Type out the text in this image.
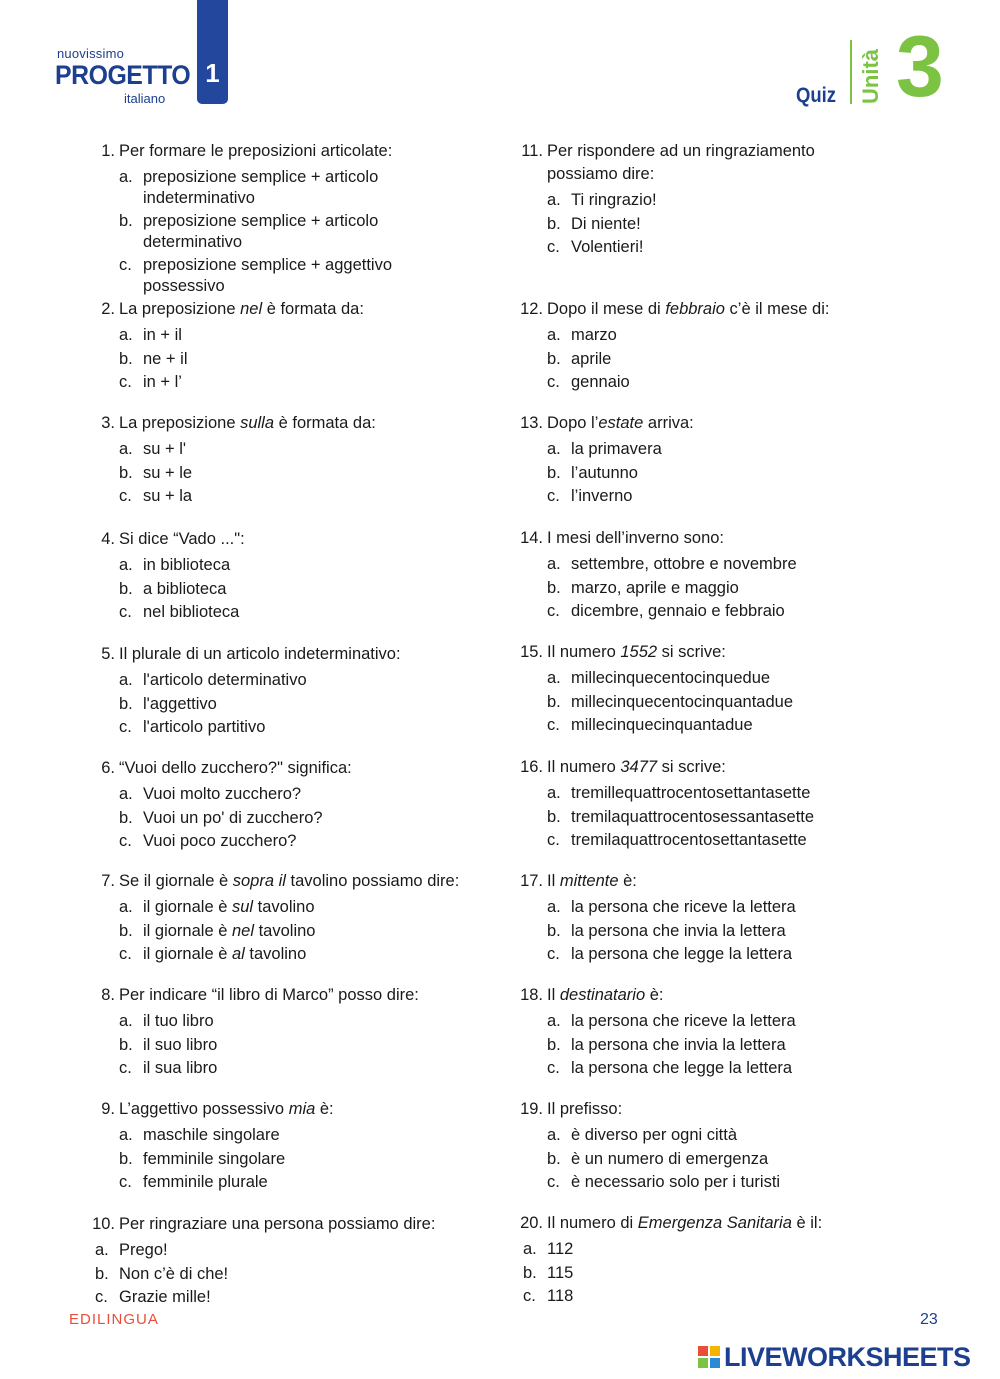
nuovissimo
PROGETTO
italiano
1
Quiz Unità 3
1. Per formare le preposizioni articolate:
a. preposizione semplice + articolo indeterminativo
b. preposizione semplice + articolo determinativo
c. preposizione semplice + aggettivo possessivo
2. La preposizione nel è formata da:
a. in + il
b. ne + il
c. in + l’
3. La preposizione sulla è formata da:
a. su + l'
b. su + le
c. su + la
4. Si dice “Vado ...":
a. in biblioteca
b. a biblioteca
c. nel biblioteca
5. Il plurale di un articolo indeterminativo:
a. l'articolo determinativo
b. l'aggettivo
c. l'articolo partitivo
6. “Vuoi dello zucchero?" significa:
a. Vuoi molto zucchero?
b. Vuoi un po' di zucchero?
c. Vuoi poco zucchero?
7. Se il giornale è sopra il tavolino possiamo dire:
a. il giornale è sul tavolino
b. il giornale è nel tavolino
c. il giornale è al tavolino
8. Per indicare “il libro di Marco” posso dire:
a. il tuo libro
b. il suo libro
c. il sua libro
9. L’aggettivo possessivo mia è:
a. maschile singolare
b. femminile singolare
c. femminile plurale
10. Per ringraziare una persona possiamo dire:
a. Prego!
b. Non c’è di che!
c. Grazie mille!
11. Per rispondere ad un ringraziamento possiamo dire:
a. Ti ringrazio!
b. Di niente!
c. Volentieri!
12. Dopo il mese di febbraio c’è il mese di:
a. marzo
b. aprile
c. gennaio
13. Dopo l’estate arriva:
a. la primavera
b. l’autunno
c. l’inverno
14. I mesi dell’inverno sono:
a. settembre, ottobre e novembre
b. marzo, aprile e maggio
c. dicembre, gennaio e febbraio
15. Il numero 1552 si scrive:
a. millecinquecentocinquedue
b. millecinquecentocinquantadue
c. millecinquecinquantadue
16. Il numero 3477 si scrive:
a. tremillequattrocentosettantasette
b. tremilaquattrocentosessantasette
c. tremilaquattrocentosettantasette
17. Il mittente è:
a. la persona che riceve la lettera
b. la persona che invia la lettera
c. la persona che legge la lettera
18. Il destinatario è:
a. la persona che riceve la lettera
b. la persona che invia la lettera
c. la persona che legge la lettera
19. Il prefisso:
a. è diverso per ogni città
b. è un numero di emergenza
c. è necessario solo per i turisti
20. Il numero di Emergenza Sanitaria è il:
a. 112
b. 115
c. 118
EDILINGUA	23
LIVEWORKSHEETS
